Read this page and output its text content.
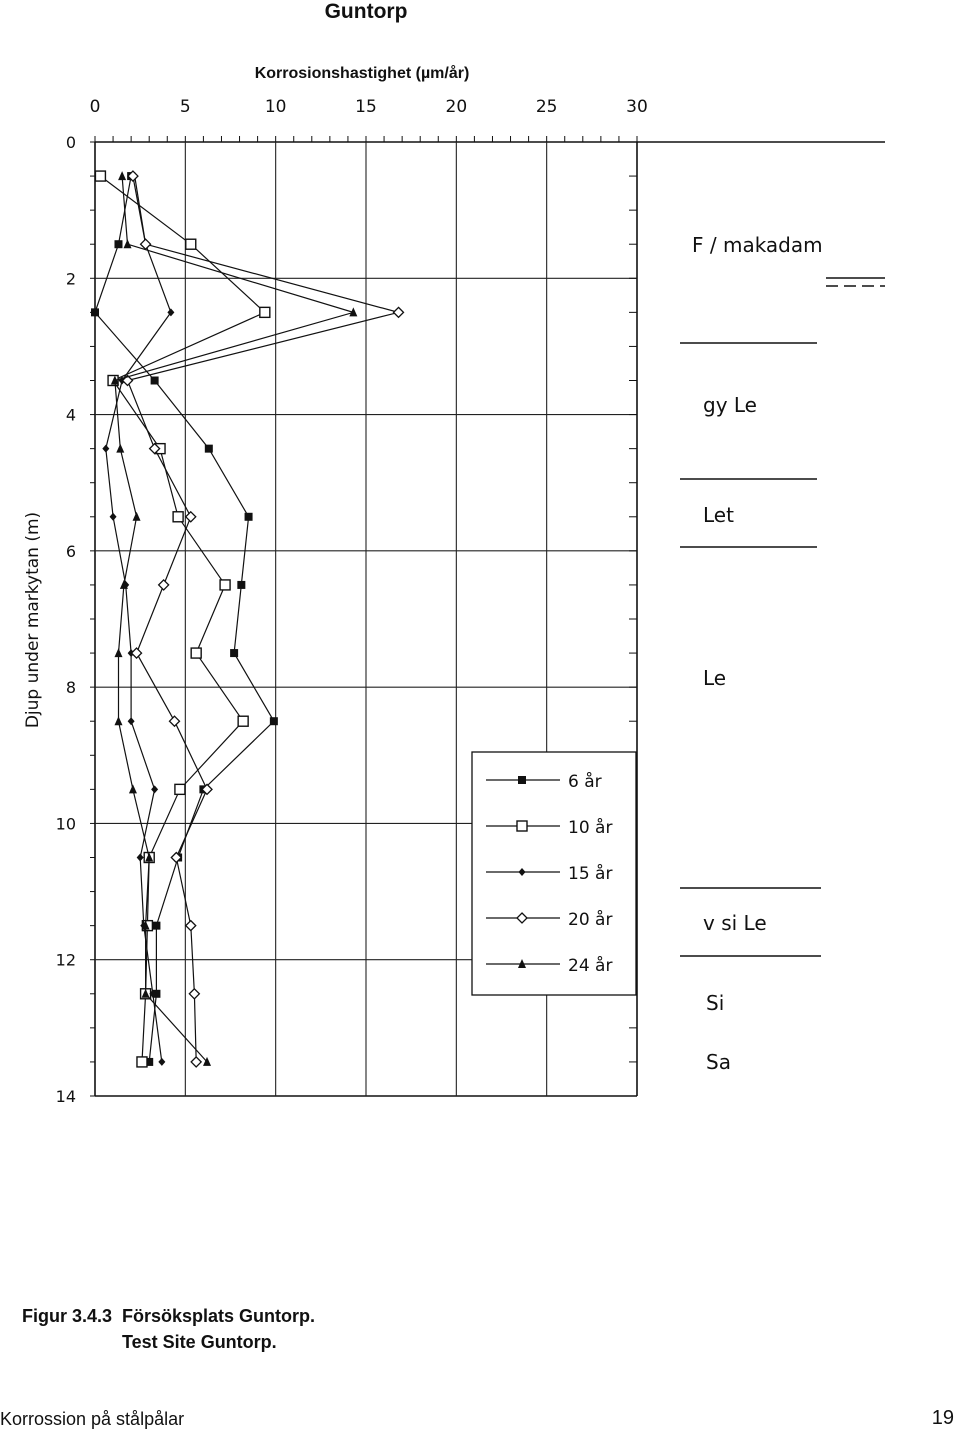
Guntorp
Korrosionshastighet (µm/år)
Djup under markytan (m)
0	5	10	15	20	25	30
0
2
4
6
8
10
12
14
F / makadam
gy Le
Let
Le
v si Le
Si
Sa
6 år
10 år
15 år
20 år
24 år
Figur 3.4.3 Försöksplats Guntorp.
Test Site Guntorp.
Korrossion på stålpålar	19
